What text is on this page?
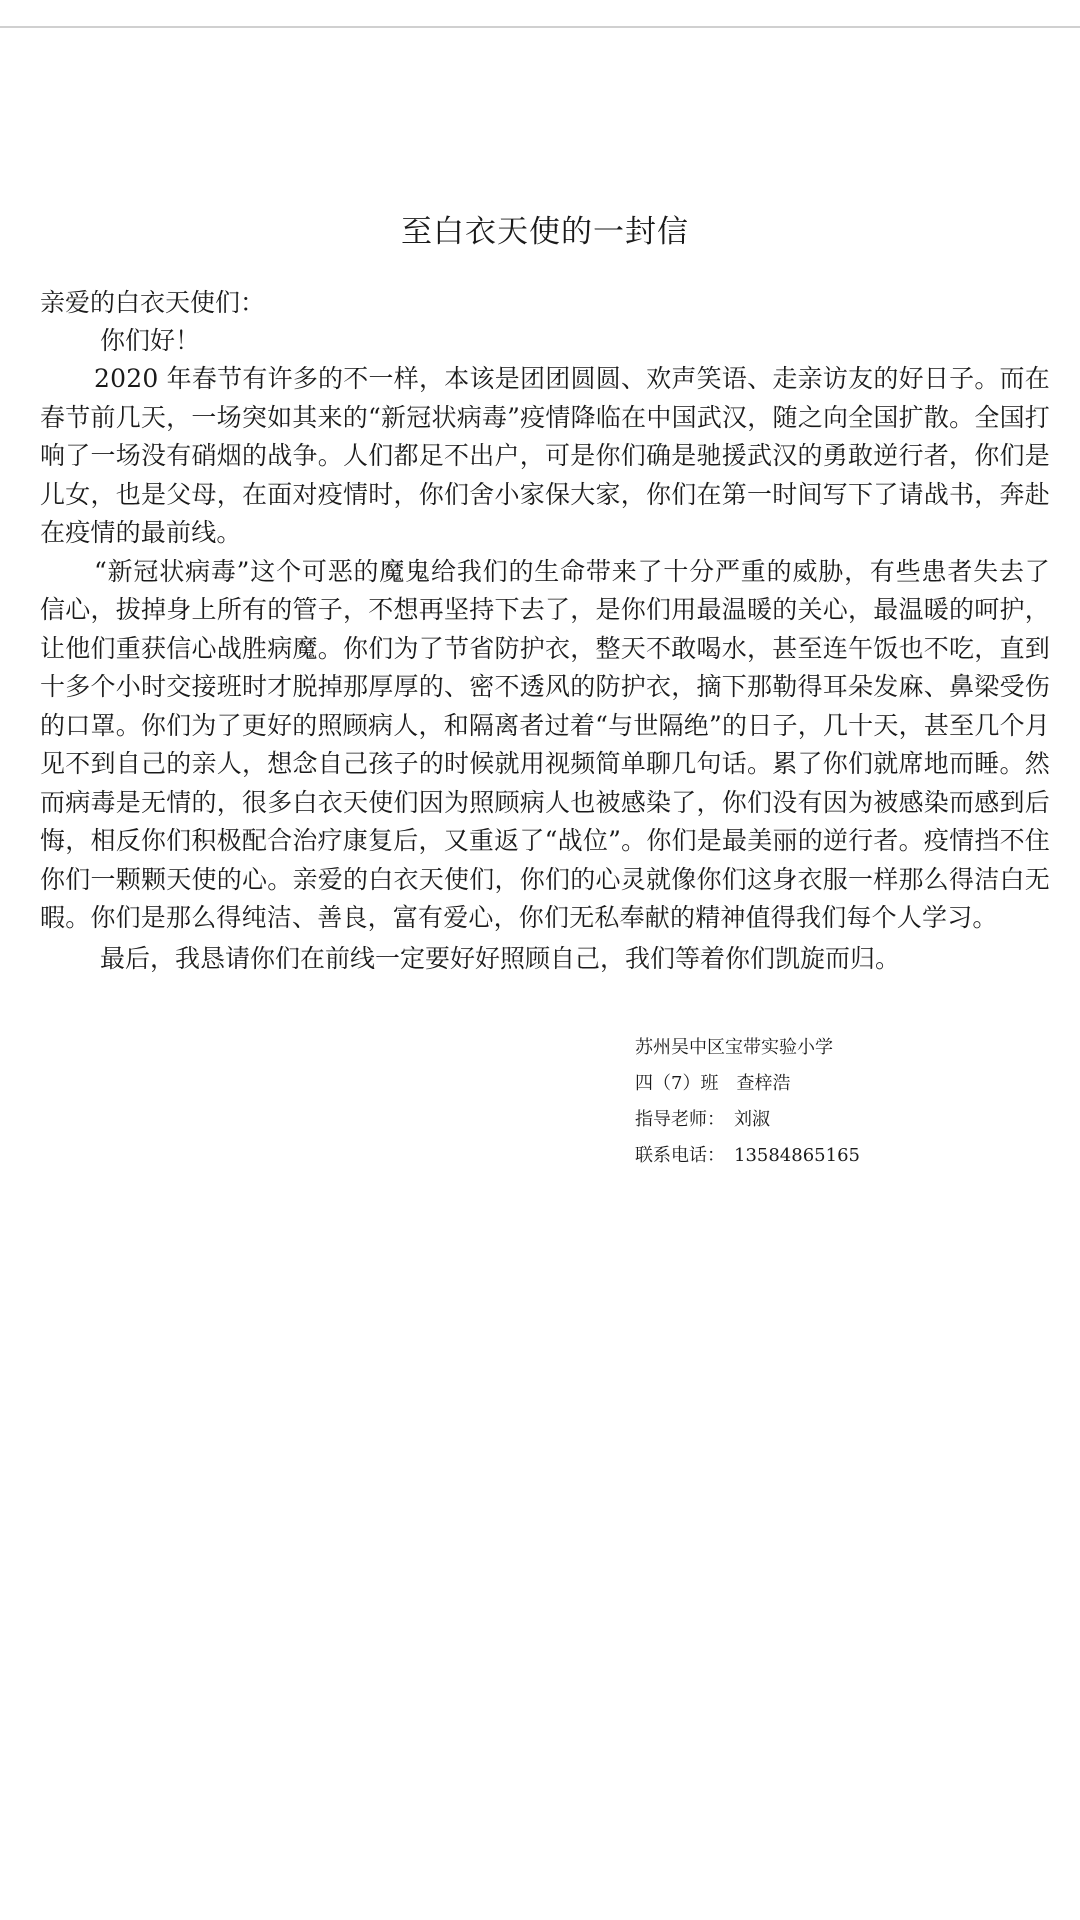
至白衣天使的一封信

亲爱的白衣天使们：

你们好！

2020 年春节有许多的不一样，本该是团团圆圆、欢声笑语、走亲访友的好日子。而在春节前几天，一场突如其来的“新冠状病毒”疫情降临在中国武汉，随之向全国扩散。全国打响了一场没有硝烟的战争。人们都足不出户，可是你们确是驰援武汉的勇敢逆行者，你们是儿女，也是父母，在面对疫情时，你们舍小家保大家，你们在第一时间写下了请战书，奔赴在疫情的最前线。

“新冠状病毒”这个可恶的魔鬼给我们的生命带来了十分严重的威胁，有些患者失去了信心，拔掉身上所有的管子，不想再坚持下去了，是你们用最温暖的关心，最温暖的呵护，让他们重获信心战胜病魔。你们为了节省防护衣，整天不敢喝水，甚至连午饭也不吃，直到十多个小时交接班时才脱掉那厚厚的、密不透风的防护衣，摘下那勒得耳朵发麻、鼻梁受伤的口罩。你们为了更好的照顾病人，和隔离者过着“与世隔绝”的日子，几十天，甚至几个月见不到自己的亲人，想念自己孩子的时候就用视频简单聊几句话。累了你们就席地而睡。然而病毒是无情的，很多白衣天使们因为照顾病人也被感染了，你们没有因为被感染而感到后悔，相反你们积极配合治疗康复后，又重返了“战位”。你们是最美丽的逆行者。疫情挡不住你们一颗颗天使的心。亲爱的白衣天使们，你们的心灵就像你们这身衣服一样那么得洁白无暇。你们是那么得纯洁、善良，富有爱心，你们无私奉献的精神值得我们每个人学习。

最后，我恳请你们在前线一定要好好照顾自己，我们等着你们凯旋而归。

苏州吴中区宝带实验小学
四（7）班　查梓浩
指导老师：　刘淑
联系电话：　13584865165
